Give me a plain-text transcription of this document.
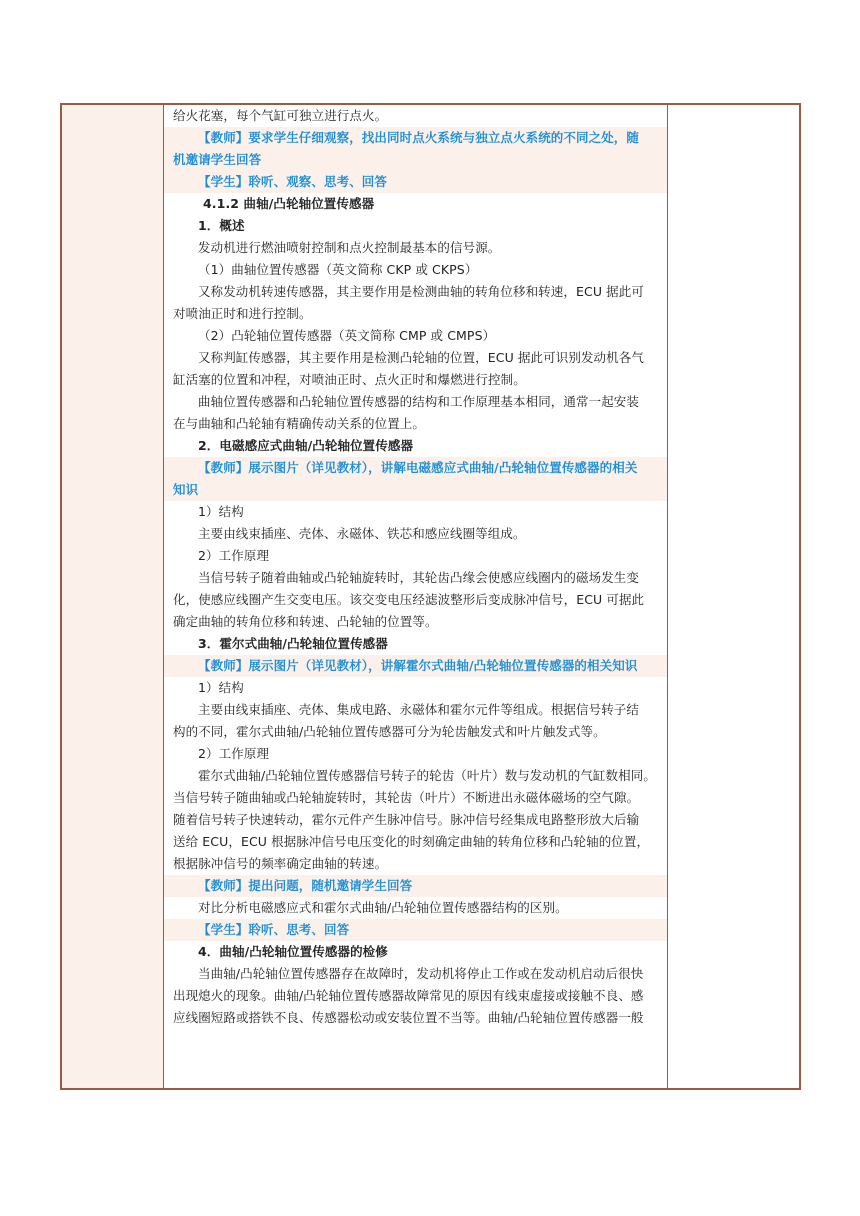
给火花塞，每个气缸可独立进行点火。
【教师】要求学生仔细观察，找出同时点火系统与独立点火系统的不同之处，随
机邀请学生回答
【学生】聆听、观察、思考、回答
4.1.2 曲轴/凸轮轴位置传感器
1．概述
发动机进行燃油喷射控制和点火控制最基本的信号源。
（1）曲轴位置传感器（英文简称 CKP 或 CKPS）
又称发动机转速传感器，其主要作用是检测曲轴的转角位移和转速，ECU 据此可
对喷油正时和进行控制。
（2）凸轮轴位置传感器（英文简称 CMP 或 CMPS）
又称判缸传感器，其主要作用是检测凸轮轴的位置，ECU 据此可识别发动机各气
缸活塞的位置和冲程，对喷油正时、点火正时和爆燃进行控制。
曲轴位置传感器和凸轮轴位置传感器的结构和工作原理基本相同，通常一起安装
在与曲轴和凸轮轴有精确传动关系的位置上。
2．电磁感应式曲轴/凸轮轴位置传感器
【教师】展示图片（详见教材），讲解电磁感应式曲轴/凸轮轴位置传感器的相关
知识
1）结构
主要由线束插座、壳体、永磁体、铁芯和感应线圈等组成。
2）工作原理
当信号转子随着曲轴或凸轮轴旋转时，其轮齿凸缘会使感应线圈内的磁场发生变
化，使感应线圈产生交变电压。该交变电压经滤波整形后变成脉冲信号，ECU 可据此
确定曲轴的转角位移和转速、凸轮轴的位置等。
3．霍尔式曲轴/凸轮轴位置传感器
【教师】展示图片（详见教材），讲解霍尔式曲轴/凸轮轴位置传感器的相关知识
1）结构
主要由线束插座、壳体、集成电路、永磁体和霍尔元件等组成。根据信号转子结
构的不同，霍尔式曲轴/凸轮轴位置传感器可分为轮齿触发式和叶片触发式等。
2）工作原理
霍尔式曲轴/凸轮轴位置传感器信号转子的轮齿（叶片）数与发动机的气缸数相同。
当信号转子随曲轴或凸轮轴旋转时，其轮齿（叶片）不断进出永磁体磁场的空气隙。
随着信号转子快速转动，霍尔元件产生脉冲信号。脉冲信号经集成电路整形放大后输
送给 ECU，ECU 根据脉冲信号电压变化的时刻确定曲轴的转角位移和凸轮轴的位置，
根据脉冲信号的频率确定曲轴的转速。
【教师】提出问题，随机邀请学生回答
对比分析电磁感应式和霍尔式曲轴/凸轮轴位置传感器结构的区别。
【学生】聆听、思考、回答
4．曲轴/凸轮轴位置传感器的检修
当曲轴/凸轮轴位置传感器存在故障时，发动机将停止工作或在发动机启动后很快
出现熄火的现象。曲轴/凸轮轴位置传感器故障常见的原因有线束虚接或接触不良、感
应线圈短路或搭铁不良、传感器松动或安装位置不当等。曲轴/凸轮轴位置传感器一般
